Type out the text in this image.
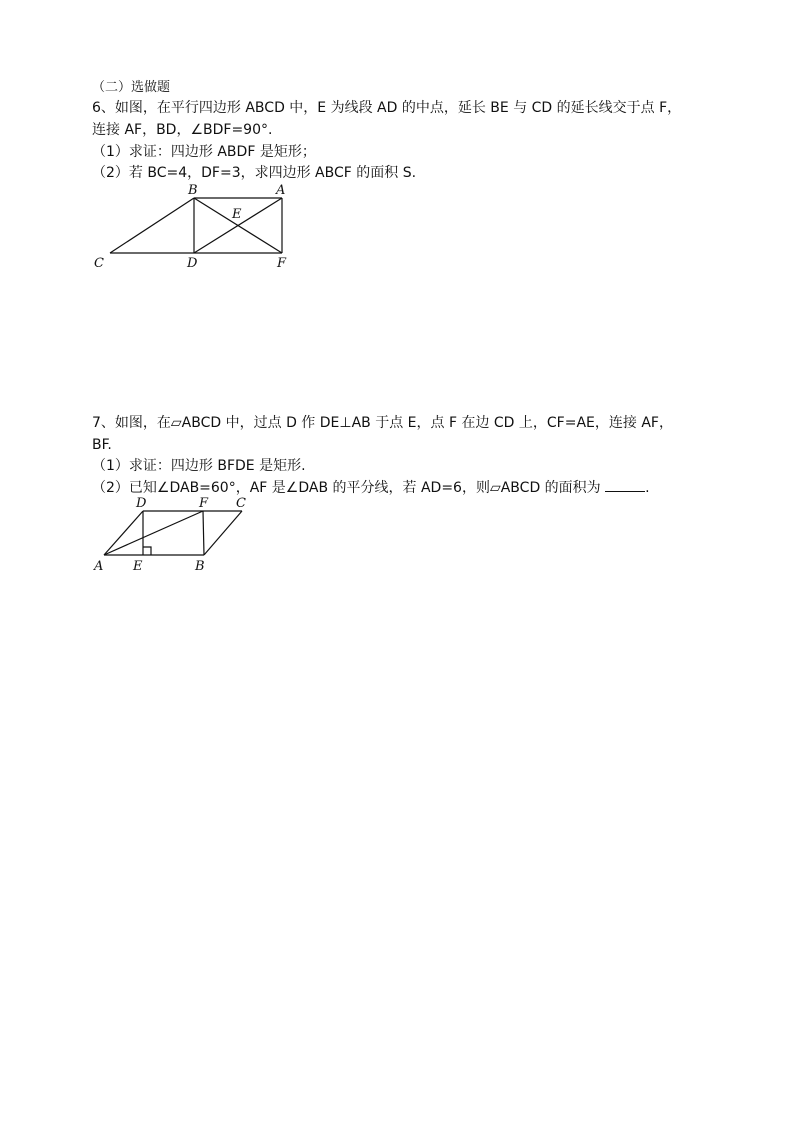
（二）选做题
6、如图，在平行四边形 ABCD 中，E 为线段 AD 的中点，延长 BE 与 CD 的延长线交于点 F，
连接 AF，BD，∠BDF=90°.
（1）求证：四边形 ABDF 是矩形；
（2）若 BC=4，DF=3，求四边形 ABCF 的面积 S.
B	A
E
C	D	F
7、如图，在▱ABCD 中，过点 D 作 DE⊥AB 于点 E，点 F 在边 CD 上，CF=AE，连接 AF，
BF.
（1）求证：四边形 BFDE 是矩形.
（2）已知∠DAB=60°，AF 是∠DAB 的平分线，若 AD=6，则▱ABCD 的面积为	.
D	F C
A E	B
